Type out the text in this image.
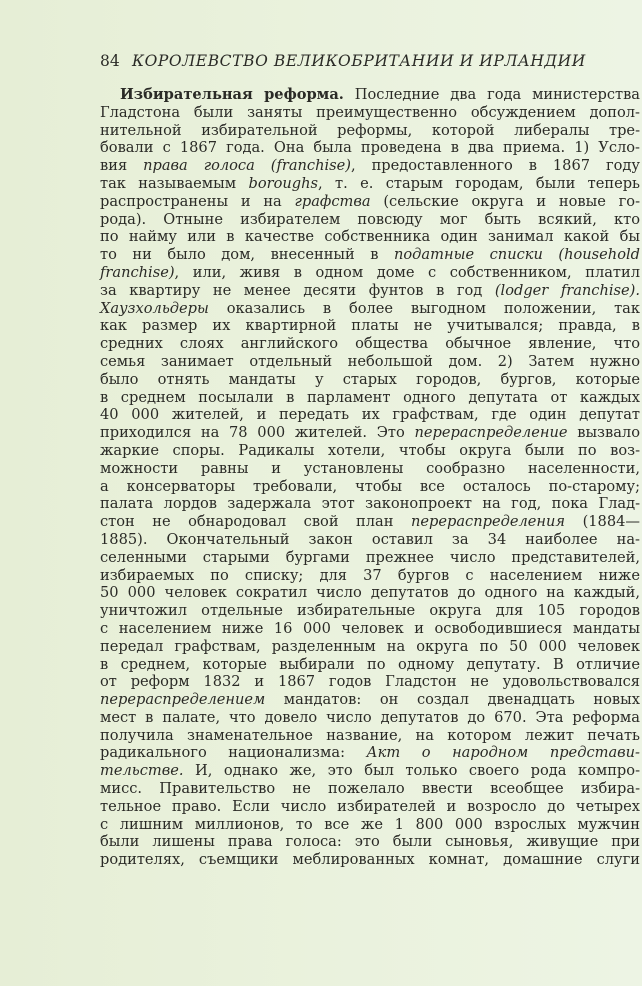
84 КОРОЛЕВСТВО ВЕЛИКОБРИТАНИИ И ИРЛАНДИИ
Избирательная реформа. Последние два года министерства
Гладстона были заняты преимущественно обсуждением допол-
нительной избирательной реформы, которой либералы тре-
бовали с 1867 года. Она была проведена в два приема. 1) Усло-
вия права голоса (franchise), предоставленного в 1867 году
так называемым boroughs, т. е. старым городам, были теперь
распространены и на графства (сельские округа и новые го-
рода). Отныне избирателем повсюду мог быть всякий, кто
по найму или в качестве собственника один занимал какой бы
то ни было дом, внесенный в податные списки (household
franchise), или, живя в одном доме с собственником, платил
за квартиру не менее десяти фунтов в год (lodger franchise).
Хаузхольдеры оказались в более выгодном положении, так
как размер их квартирной платы не учитывался; правда, в
средних слоях английского общества обычное явление, что
семья занимает отдельный небольшой дом. 2) Затем нужно
было отнять мандаты у старых городов, бургов, которые
в среднем посылали в парламент одного депутата от каждых
40 000 жителей, и передать их графствам, где один депутат
приходился на 78 000 жителей. Это перераспределение вызвало
жаркие споры. Радикалы хотели, чтобы округа были по воз-
можности равны и установлены сообразно населенности,
а консерваторы требовали, чтобы все осталось по-старому;
палата лордов задержала этот законопроект на год, пока Глад-
стон не обнародовал свой план перераспределения (1884—
1885). Окончательный закон оставил за 34 наиболее на-
селенными старыми бургами прежнее число представителей,
избираемых по списку; для 37 бургов с населением ниже
50 000 человек сократил число депутатов до одного на каждый,
уничтожил отдельные избирательные округа для 105 городов
с населением ниже 16 000 человек и освободившиеся мандаты
передал графствам, разделенным на округа по 50 000 человек
в среднем, которые выбирали по одному депутату. В отличие
от реформ 1832 и 1867 годов Гладстон не удовольствовался
перераспределением мандатов: он создал двенадцать новых
мест в палате, что довело число депутатов до 670. Эта реформа
получила знаменательное название, на котором лежит печать
радикального национализма: Акт о народном представи-
тельстве. И, однако же, это был только своего рода компро-
мисс. Правительство не пожелало ввести всеобщее избира-
тельное право. Если число избирателей и возросло до четырех
с лишним миллионов, то все же 1 800 000 взрослых мужчин
были лишены права голоса: это были сыновья, живущие при
родителях, съемщики меблированных комнат, домашние слуги
